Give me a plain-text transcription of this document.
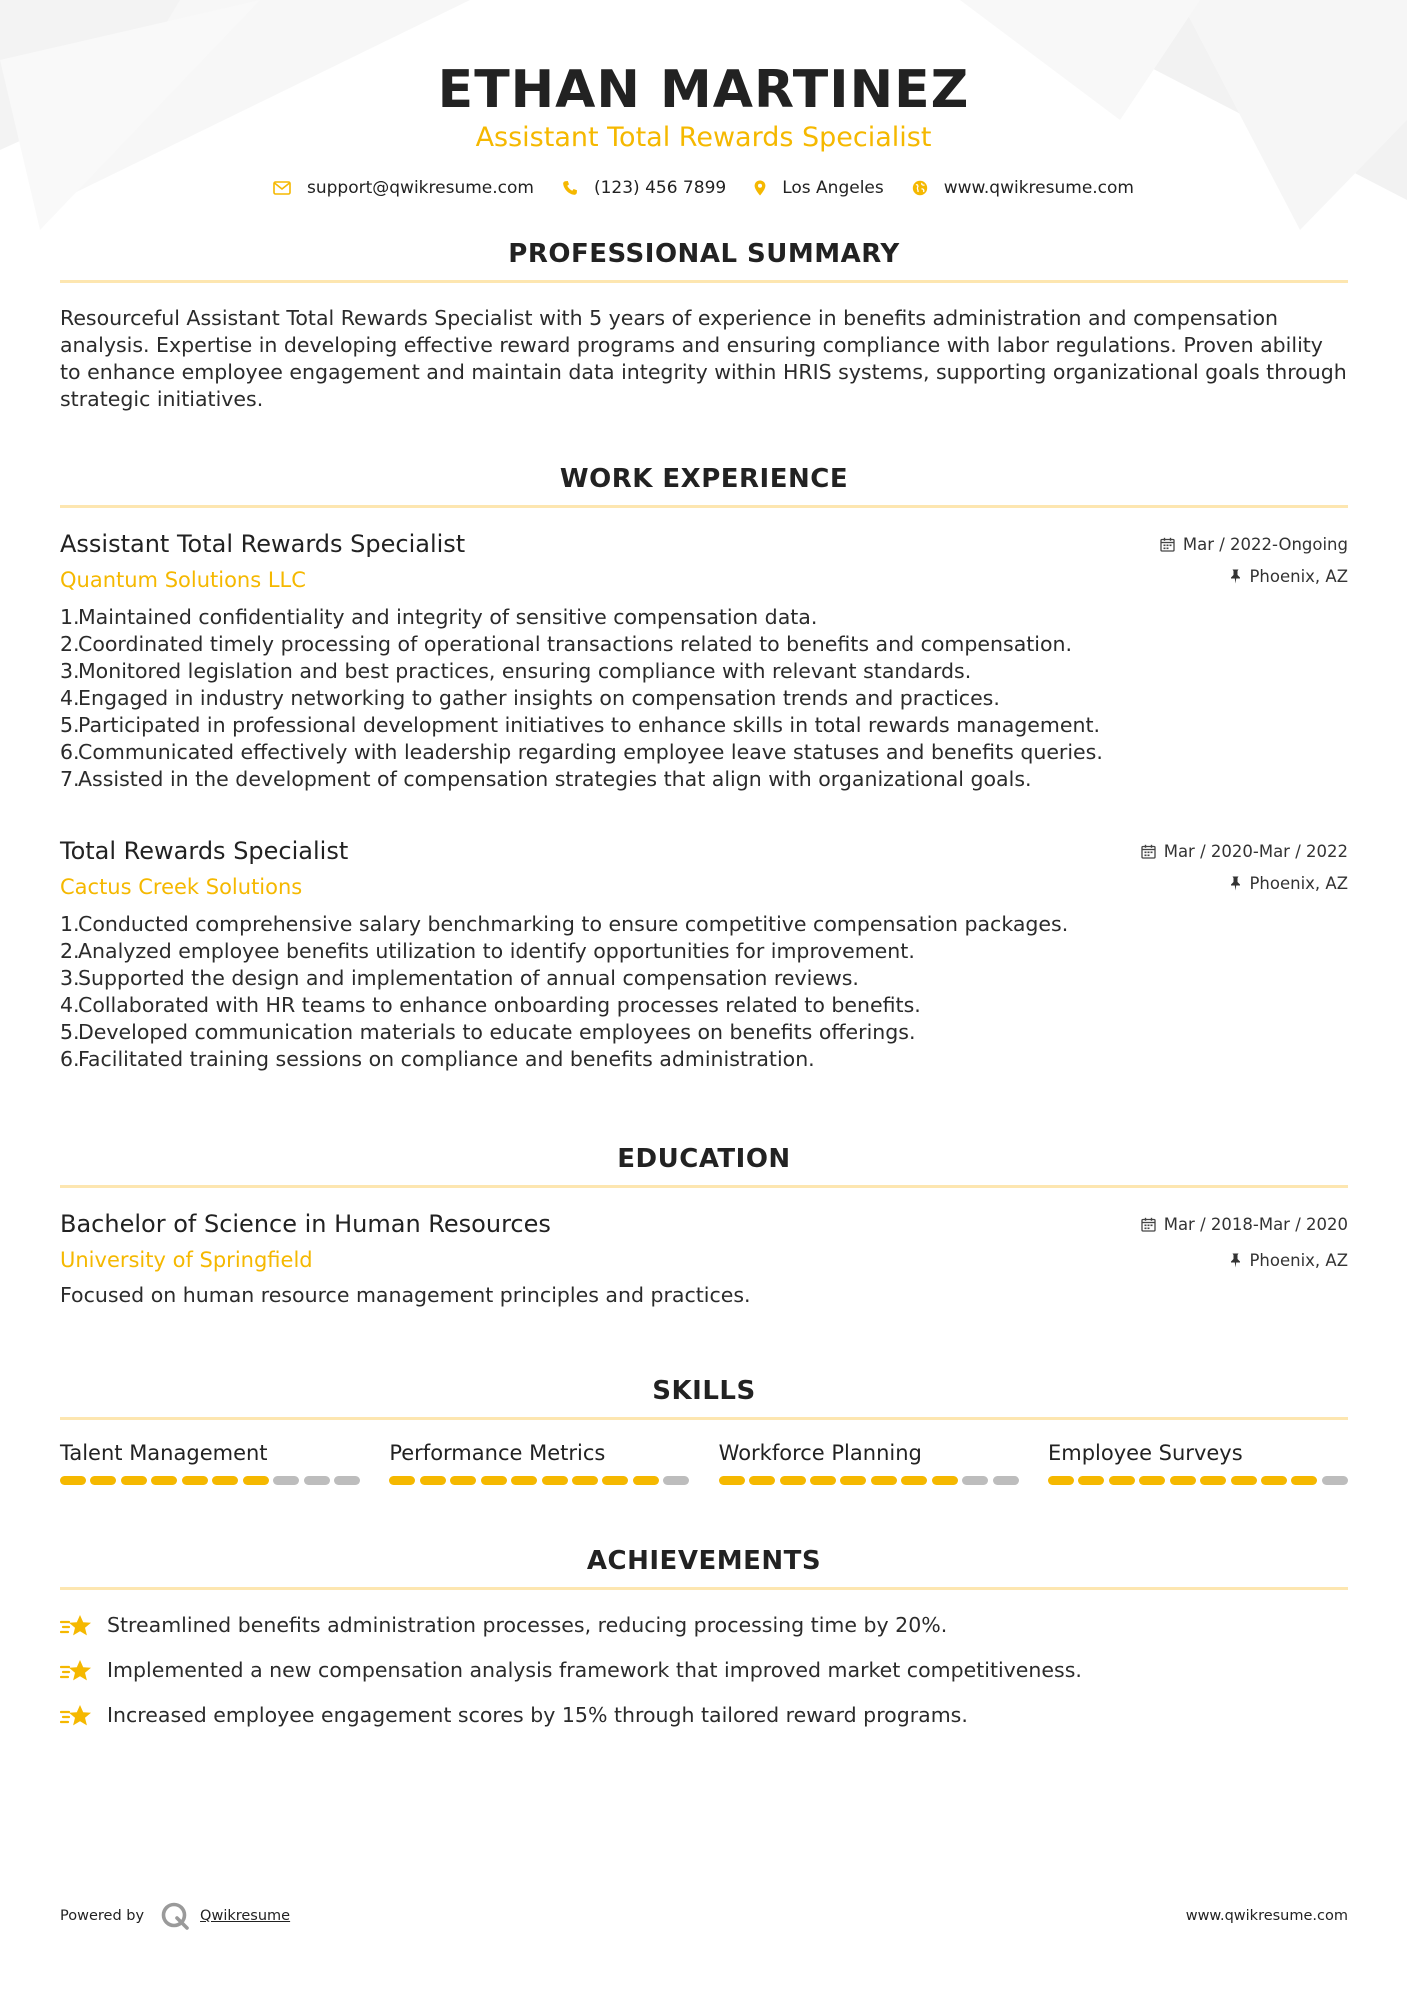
ETHAN MARTINEZ
Assistant Total Rewards Specialist
support@qwikresume.com	(123) 456 7899	Los Angeles	www.qwikresume.com
PROFESSIONAL SUMMARY
Resourceful Assistant Total Rewards Specialist with 5 years of experience in benefits administration and compensation analysis. Expertise in developing effective reward programs and ensuring compliance with labor regulations. Proven ability to enhance employee engagement and maintain data integrity within HRIS systems, supporting organizational goals through strategic initiatives.
WORK EXPERIENCE
Assistant Total Rewards Specialist
Quantum Solutions LLC
Mar / 2022-Ongoing
Phoenix, AZ
1.
Maintained confidentiality and integrity of sensitive compensation data.
2.
Coordinated timely processing of operational transactions related to benefits and compensation.
3.
Monitored legislation and best practices, ensuring compliance with relevant standards.
4.
Engaged in industry networking to gather insights on compensation trends and practices.
5.
Participated in professional development initiatives to enhance skills in total rewards management.
6.
Communicated effectively with leadership regarding employee leave statuses and benefits queries.
7.
Assisted in the development of compensation strategies that align with organizational goals.
Total Rewards Specialist
Cactus Creek Solutions
Mar / 2020-Mar / 2022
Phoenix, AZ
1.
Conducted comprehensive salary benchmarking to ensure competitive compensation packages.
2.
Analyzed employee benefits utilization to identify opportunities for improvement.
3.
Supported the design and implementation of annual compensation reviews.
4.
Collaborated with HR teams to enhance onboarding processes related to benefits.
5.
Developed communication materials to educate employees on benefits offerings.
6.
Facilitated training sessions on compliance and benefits administration.
EDUCATION
Bachelor of Science in Human Resources
University of Springfield
Mar / 2018-Mar / 2020
Phoenix, AZ
Focused on human resource management principles and practices.
SKILLS
Talent Management	Performance Metrics	Workforce Planning	Employee Surveys
ACHIEVEMENTS
Streamlined benefits administration processes, reducing processing time by 20%.
Implemented a new compensation analysis framework that improved market competitiveness.
Increased employee engagement scores by 15% through tailored reward programs.
Powered by	Qwikresume	www.qwikresume.com
